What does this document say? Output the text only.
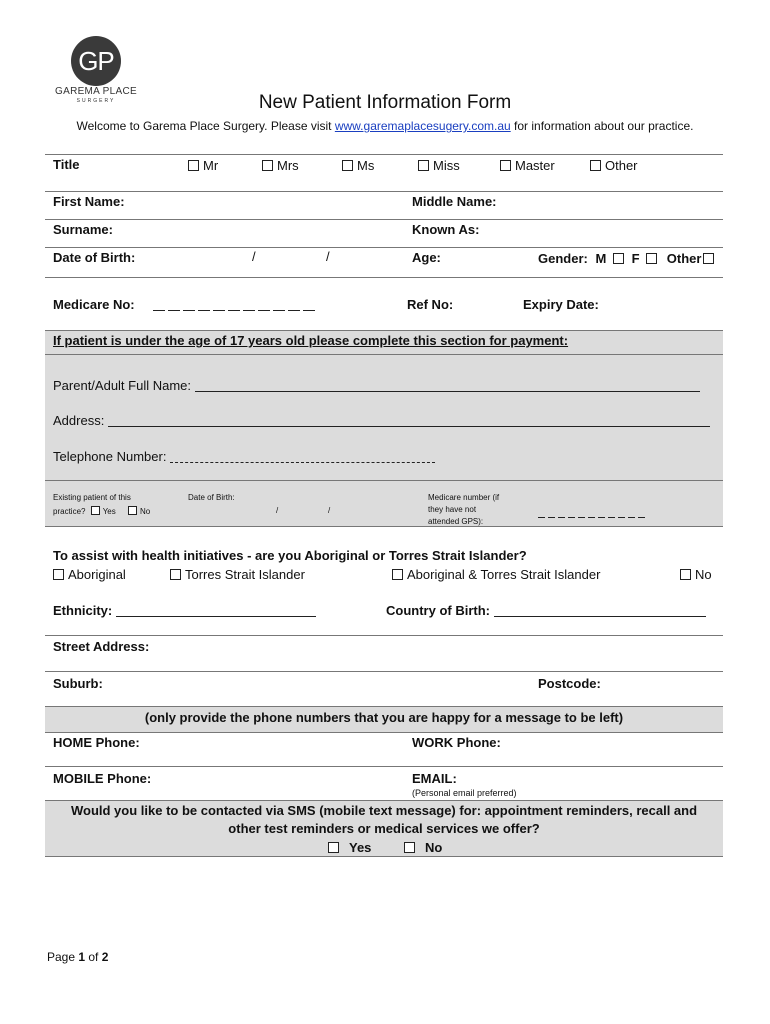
GP
GAREMA PLACE
SURGERY	New Patient Information Form
Welcome to Garema Place Surgery. Please visit www.garemaplacesugery.com.au for information about our practice.
Title	Mr	Mrs	Ms	Miss	Master	Other
First Name:	Middle Name:
Surname:	Known As:
Date of Birth:	/	/	Age:	Gender: M F Other
Medicare No:	Ref No:	Expiry Date:
If patient is under the age of 17 years old please complete this section for payment:
Parent/Adult Full Name:
Address:
Telephone Number:
Existing patient of this
practice? Yes	No
Date of Birth:
/	/
Medicare number (if
they have not
attended GPS):
To assist with health initiatives - are you Aboriginal or Torres Strait Islander?
Aboriginal	Torres Strait Islander	Aboriginal & Torres Strait Islander	No
Ethnicity:	Country of Birth:
Street Address:
Suburb:	Postcode:
(only provide the phone numbers that you are happy for a message to be left)
HOME Phone:	WORK Phone:
MOBILE Phone:	EMAIL:
(Personal email preferred)
Would you like to be contacted via SMS (mobile text message) for: appointment reminders, recall and
other test reminders or medical services we offer?
Yes	No
Page 1 of 2
